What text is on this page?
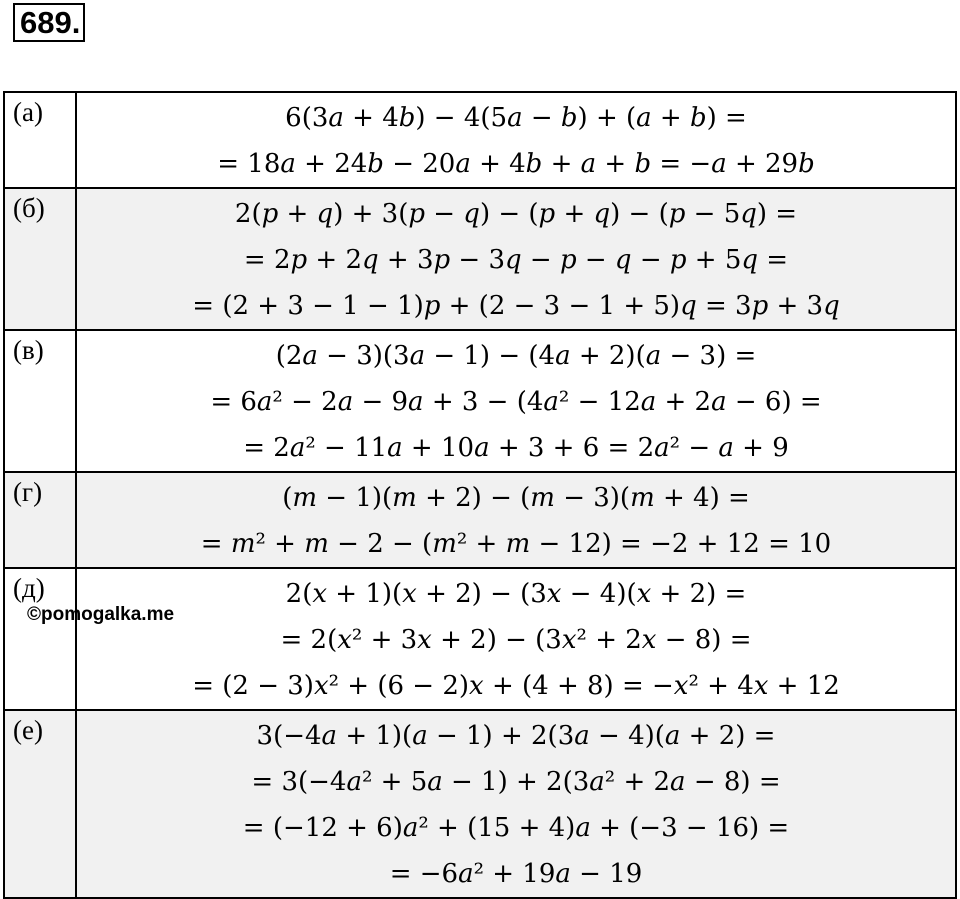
689.
(а)	6(3𝑎 + 4𝑏) − 4(5𝑎 − 𝑏) + (𝑎 + 𝑏) =
= 18𝑎 + 24𝑏 − 20𝑎 + 4𝑏 + 𝑎 + 𝑏 = −𝑎 + 29𝑏

(б)	2(𝑝 + 𝑞) + 3(𝑝 − 𝑞) − (𝑝 + 𝑞) − (𝑝 − 5𝑞) =
= 2𝑝 + 2𝑞 + 3𝑝 − 3𝑞 − 𝑝 − 𝑞 − 𝑝 + 5𝑞 =
= (2 + 3 − 1 − 1)𝑝 + (2 − 3 − 1 + 5)𝑞 = 3𝑝 + 3𝑞

(в)	(2𝑎 − 3)(3𝑎 − 1) − (4𝑎 + 2)(𝑎 − 3) =
= 6𝑎² − 2𝑎 − 9𝑎 + 3 − (4𝑎² − 12𝑎 + 2𝑎 − 6) =
= 2𝑎² − 11𝑎 + 10𝑎 + 3 + 6 = 2𝑎² − 𝑎 + 9

(г)	(𝑚 − 1)(𝑚 + 2) − (𝑚 − 3)(𝑚 + 4) =
= 𝑚² + 𝑚 − 2 − (𝑚² + 𝑚 − 12) = −2 + 12 = 10

(д)	2(𝑥 + 1)(𝑥 + 2) − (3𝑥 − 4)(𝑥 + 2) =
= 2(𝑥² + 3𝑥 + 2) − (3𝑥² + 2𝑥 − 8) =
= (2 − 3)𝑥² + (6 − 2)𝑥 + (4 + 8) = −𝑥² + 4𝑥 + 12

(е)	3(−4𝑎 + 1)(𝑎 − 1) + 2(3𝑎 − 4)(𝑎 + 2) =
= 3(−4𝑎² + 5𝑎 − 1) + 2(3𝑎² + 2𝑎 − 8) =
= (−12 + 6)𝑎² + (15 + 4)𝑎 + (−3 − 16) =
= −6𝑎² + 19𝑎 − 19
©pomogalka.me
